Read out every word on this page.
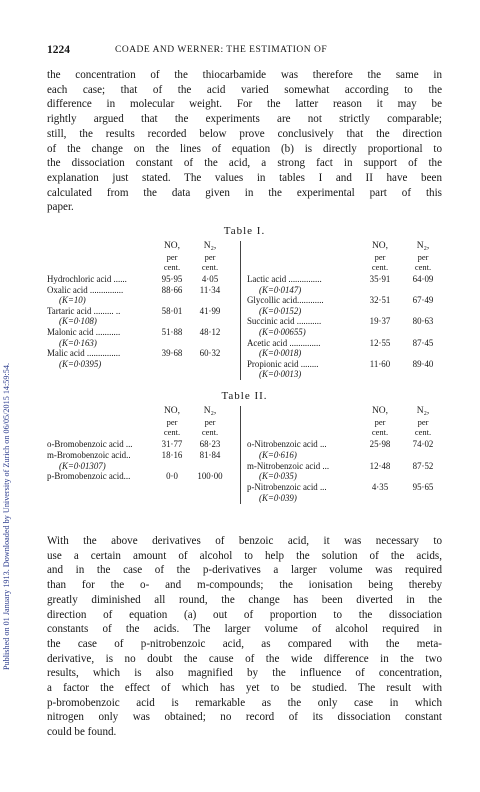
Published on 01 January 1913. Downloaded by University of Zurich on 06/05/2015 14:59:54.
1224	COADE AND WERNER: THE ESTIMATION OF
the concentration of the thiocarbamide was therefore the same in
each case; that of the acid varied somewhat according to the
difference in molecular weight. For the latter reason it may be
rightly argued that the experiments are not strictly comparable;
still, the results recorded below prove conclusively that the direction
of the change on the lines of equation (b) is directly proportional to
the dissociation constant of the acid, a strong fact in support of the
explanation just stated. The values in tables I and II have been
calculated from the data given in the experimental part of this
paper.
Table I.
NO,	N₂,
per	per
cent.	cent.
Hydrochloric acid ......	95·95	4·05
Oxalic acid ...............	88·66	11·34
(K=10)
Tartaric acid ......... ..	58·01	41·99
(K=0·108)
Malonic acid ...........	51·88	48·12
(K=0·163)
Malic acid ...............	39·68	60·32
(K=0·0395)
NO,	N₂,
per	per
cent.	cent.
Lactic acid ...............	35·91	64·09
(K=0·0147)
Glycollic acid............	32·51	67·49
(K=0·0152)
Succinic acid ...........	19·37	80·63
(K=0·00655)
Acetic acid ..............	12·55	87·45
(K=0·0018)
Propionic acid ........	11·60	89·40
(K=0·0013)
Table II.
NO,	N₂,
per	per
cent.	cent.
o-Bromobenzoic acid ...	31·77	68·23
m-Bromobenzoic acid..	18·16	81·84
(K=0·01307)
p-Bromobenzoic acid...	0·0	100·00
NO,	N₂,
per	per
cent.	cent.
o-Nitrobenzoic acid ...	25·98	74·02
(K=0·616)
m-Nitrobenzoic acid ...	12·48	87·52
(K=0·035)
p-Nitrobenzoic acid ...	4·35	95·65
(K=0·039)
With the above derivatives of benzoic acid, it was necessary to
use a certain amount of alcohol to help the solution of the acids,
and in the case of the p-derivatives a larger volume was required
than for the o- and m-compounds; the ionisation being thereby
greatly diminished all round, the change has been diverted in the
direction of equation (a) out of proportion to the dissociation
constants of the acids. The larger volume of alcohol required in
the case of p-nitrobenzoic acid, as compared with the meta-
derivative, is no doubt the cause of the wide difference in the two
results, which is also magnified by the influence of concentration,
a factor the effect of which has yet to be studied. The result with
p-bromobenzoic acid is remarkable as the only case in which
nitrogen only was obtained; no record of its dissociation constant
could be found.
